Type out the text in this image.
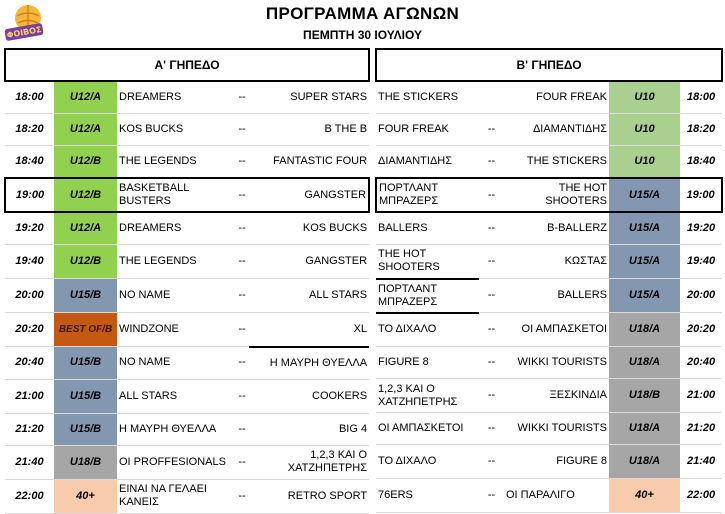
ΦΟΙΒΟΣ
ΠΡΟΓΡΑΜΜΑ ΑΓΩΝΩΝ
ΠΕΜΠΤΗ 30 ΙΟΥΛΙΟΥ
Α' ΓΗΠΕΔΟ				
18:00	U12/A	DREAMERS	--	SUPER STARS
18:20	U12/A	KOS BUCKS	--	B THE B
18:40	U12/B	THE LEGENDS	--	FANTASTIC FOUR
19:00	U12/B	BASKETBALL BUSTERS	--	GANGSTER
19:20	U12/A	DREAMERS	--	KOS BUCKS
19:40	U12/B	THE LEGENDS	--	GANGSTER
20:00	U15/B	NO NAME	--	ALL STARS
20:20	BEST OF/B	WINDZONE	--	XL
20:40	U15/B	NO NAME	--	Η ΜΑΥΡΗ ΘΥΕΛΛΑ
21:00	U15/B	ALL STARS	--	COOKERS
21:20	U15/B	Η ΜΑΥΡΗ ΘΥΕΛΛΑ	--	BIG 4
21:40	U18/B	ΟΙ PROFFESIONALS	--	1,2,3 ΚΑΙ Ο ΧΑΤΖΗΠΕΤΡΗΣ
22:00	40+	ΕΙΝΑΙ ΝΑ ΓΕΛΑΕΙ ΚΑΝΕΙΣ	--	RETRO SPORT
Β' ΓΗΠΕΔΟ				
THE STICKERS		FOUR FREAK	U10	18:00
FOUR FREAK	--	ΔΙΑΜΑΝΤΙΔΗΣ	U10	18:20
ΔΙΑΜΑΝΤΙΔΗΣ	--	THE STICKERS	U10	18:40
ΠΟΡΤΛΑΝΤ ΜΠΡΑΖΕΡΣ	--	THE HOT SHOOTERS	U15/A	19:00
BALLERS	--	B-BALLERZ	U15/A	19:20
THE HOT SHOOTERS	--	ΚΩΣΤΑΣ	U15/A	19:40
ΠΟΡΤΛΑΝΤ ΜΠΡΑΖΕΡΣ	--	BALLERS	U15/A	20:00
ΤΟ ΔΙΧΑΛΟ	--	ΟΙ ΑΜΠΑΣΚΕΤΟΙ	U18/A	20:20
FIGURE 8	--	WIKKI TOURISTS	U18/A	20:40
1,2,3 ΚΑΙ Ο ΧΑΤΖΗΠΕΤΡΗΣ	--	ΞΕΣΚΙΝΔΙΑ	U18/B	21:00
ΟΙ ΑΜΠΑΣΚΕΤΟΙ	--	WIKKI TOURISTS	U18/A	21:20
ΤΟ ΔΙΧΑΛΟ	--	FIGURE 8	U18/A	21:40
76ERS	--	ΟΙ ΠΑΡΑΛΙΓΟ	40+	22:00
